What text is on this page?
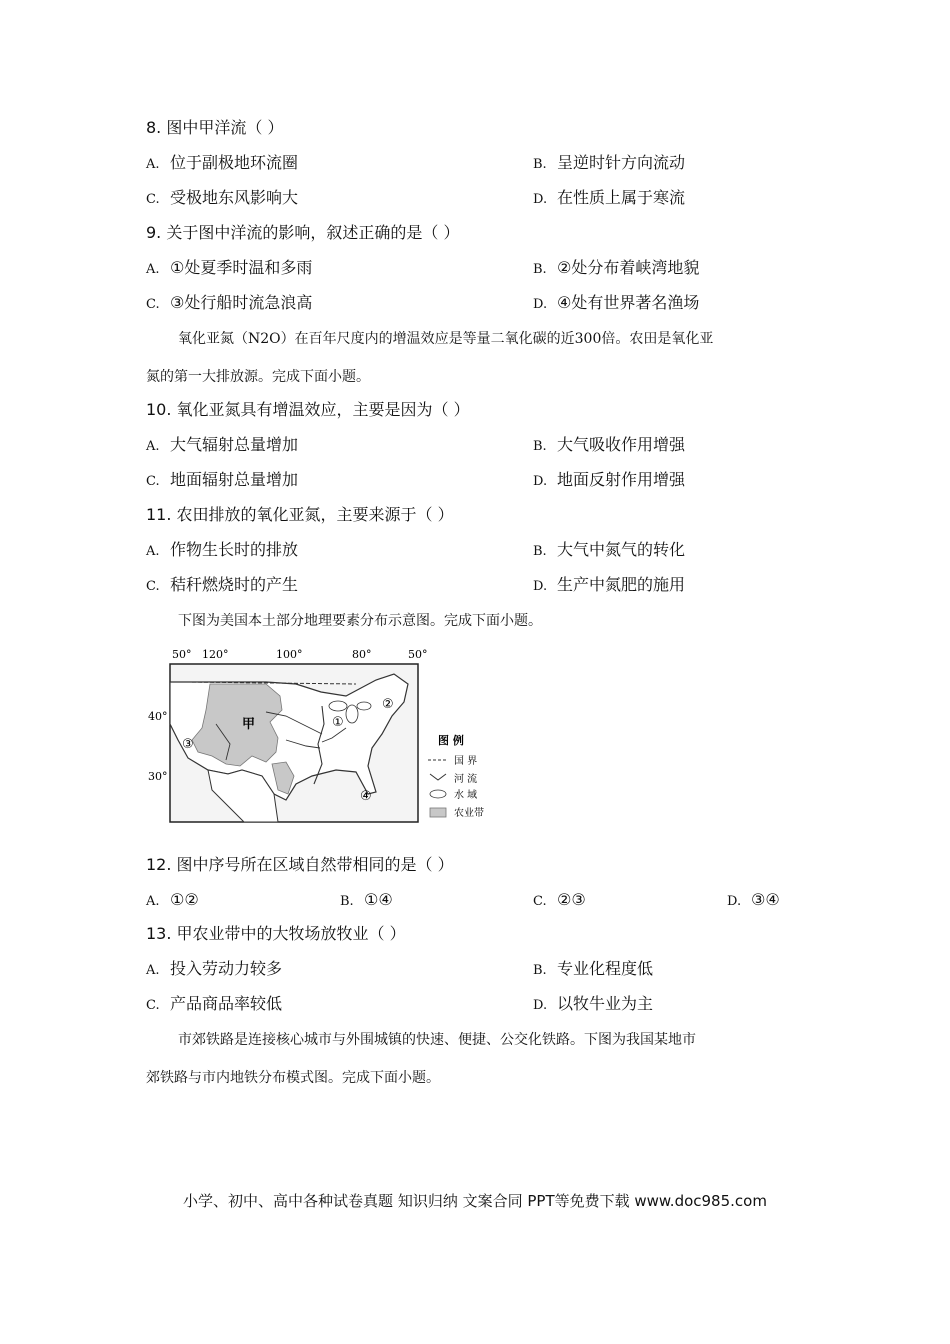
8. 图中甲洋流（ ）
A. 位于副极地环流圈	B. 呈逆时针方向流动
C. 受极地东风影响大	D. 在性质上属于寒流
9. 关于图中洋流的影响，叙述正确的是（ ）
A. ①处夏季时温和多雨	B. ②处分布着峡湾地貌
C. ③处行船时流急浪高	D. ④处有世界著名渔场

氧化亚氮（N2O）在百年尺度内的增温效应是等量二氧化碳的近300倍。农田是氧化亚

氮的第一大排放源。完成下面小题。

10. 氧化亚氮具有增温效应，主要是因为（ ）
A. 大气辐射总量增加	B. 大气吸收作用增强
C. 地面辐射总量增加	D. 地面反射作用增强
11. 农田排放的氧化亚氮，主要来源于（ ）
A. 作物生长时的排放	B. 大气中氮气的转化
C. 秸秆燃烧时的产生	D. 生产中氮肥的施用

下图为美国本土部分地理要素分布示意图。完成下面小题。

50° 120°	100°	80°	50°
40°
30°
甲	①
②
③
④
图 例
国 界
河 流
水 域
农业带
12. 图中序号所在区域自然带相同的是（ ）
A. ①②	B. ①④	C. ②③	D. ③④
13. 甲农业带中的大牧场放牧业（ ）
A. 投入劳动力较多	B. 专业化程度低
C. 产品商品率较低	D. 以牧牛业为主

市郊铁路是连接核心城市与外围城镇的快速、便捷、公交化铁路。下图为我国某地市

郊铁路与市内地铁分布模式图。完成下面小题。

小学、初中、高中各种试卷真题 知识归纳 文案合同 PPT等免费下载 www.doc985.com
